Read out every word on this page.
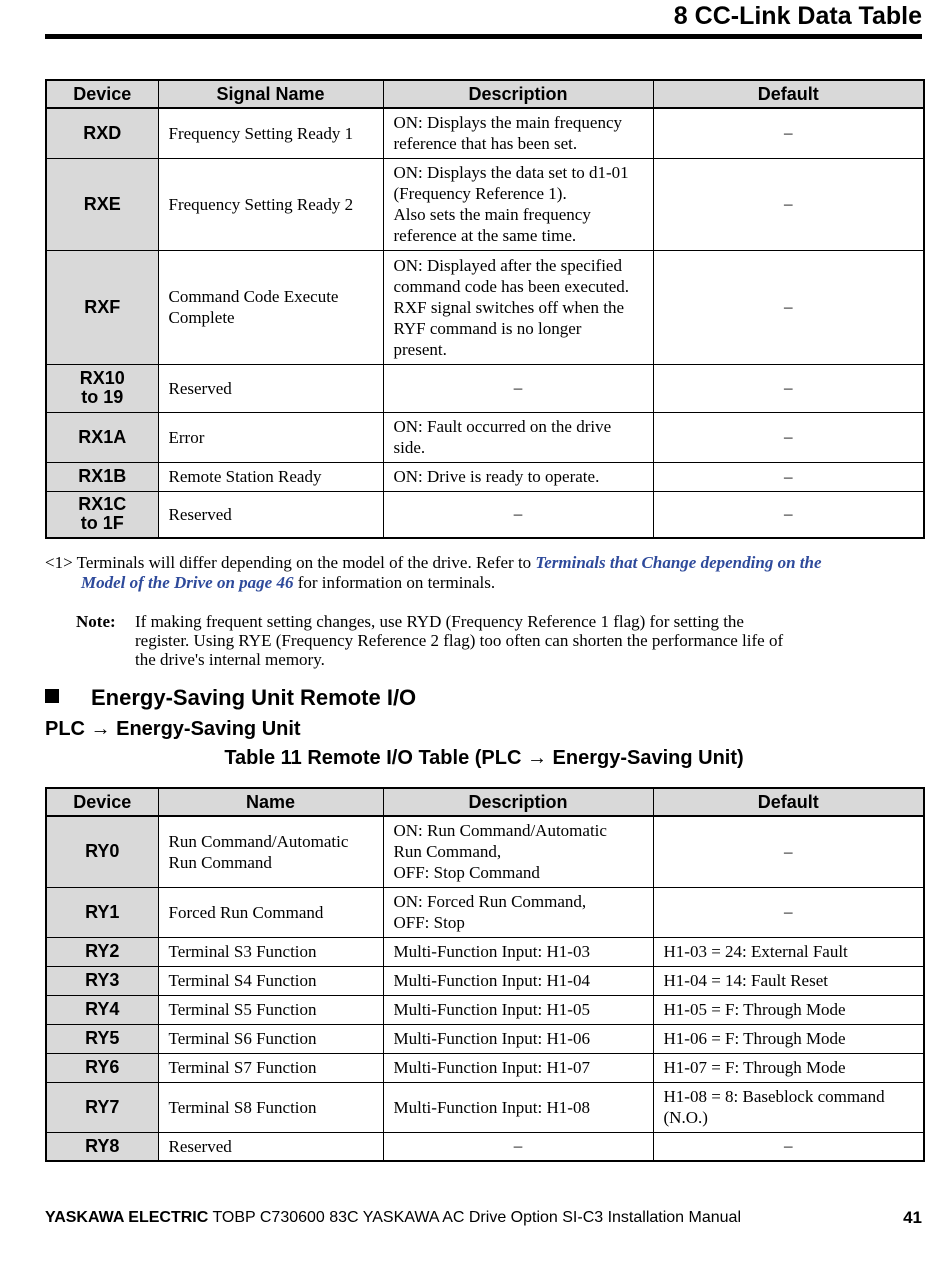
8 CC-Link Data Table
Device	Signal Name	Description	Default
RXD	Frequency Setting Ready 1	ON: Displays the main frequency
reference that has been set.	–
RXE	Frequency Setting Ready 2	ON: Displays the data set to d1-01
(Frequency Reference 1).
Also sets the main frequency
reference at the same time.	–
RXF	Command Code Execute
Complete	ON: Displayed after the specified
command code has been executed.
RXF signal switches off when the
RYF command is no longer
present.	–
RX10
to 19	Reserved	–	–
RX1A	Error	ON: Fault occurred on the drive
side.	–
RX1B	Remote Station Ready	ON: Drive is ready to operate.	–
RX1C
to 1F	Reserved	–	–
<1> Terminals will differ depending on the model of the drive. Refer to Terminals that Change depending on the
Model of the Drive on page 46 for information on terminals.
Note: If making frequent setting changes, use RYD (Frequency Reference 1 flag) for setting the
register. Using RYE (Frequency Reference 2 flag) too often can shorten the performance life of
the drive's internal memory.
Energy-Saving Unit Remote I/O
PLC → Energy-Saving Unit
Table 11 Remote I/O Table (PLC → Energy-Saving Unit)
Device	Name	Description	Default
RY0	Run Command/Automatic
Run Command	ON: Run Command/Automatic
Run Command,
OFF: Stop Command	–
RY1	Forced Run Command	ON: Forced Run Command,
OFF: Stop	–
RY2	Terminal S3 Function	Multi-Function Input: H1-03	H1-03 = 24: External Fault
RY3	Terminal S4 Function	Multi-Function Input: H1-04	H1-04 = 14: Fault Reset
RY4	Terminal S5 Function	Multi-Function Input: H1-05	H1-05 = F: Through Mode
RY5	Terminal S6 Function	Multi-Function Input: H1-06	H1-06 = F: Through Mode
RY6	Terminal S7 Function	Multi-Function Input: H1-07	H1-07 = F: Through Mode
RY7	Terminal S8 Function	Multi-Function Input: H1-08	H1-08 = 8: Baseblock command
(N.O.)
RY8	Reserved	–	–
YASKAWA ELECTRIC TOBP C730600 83C YASKAWA AC Drive Option SI-C3 Installation Manual	41
